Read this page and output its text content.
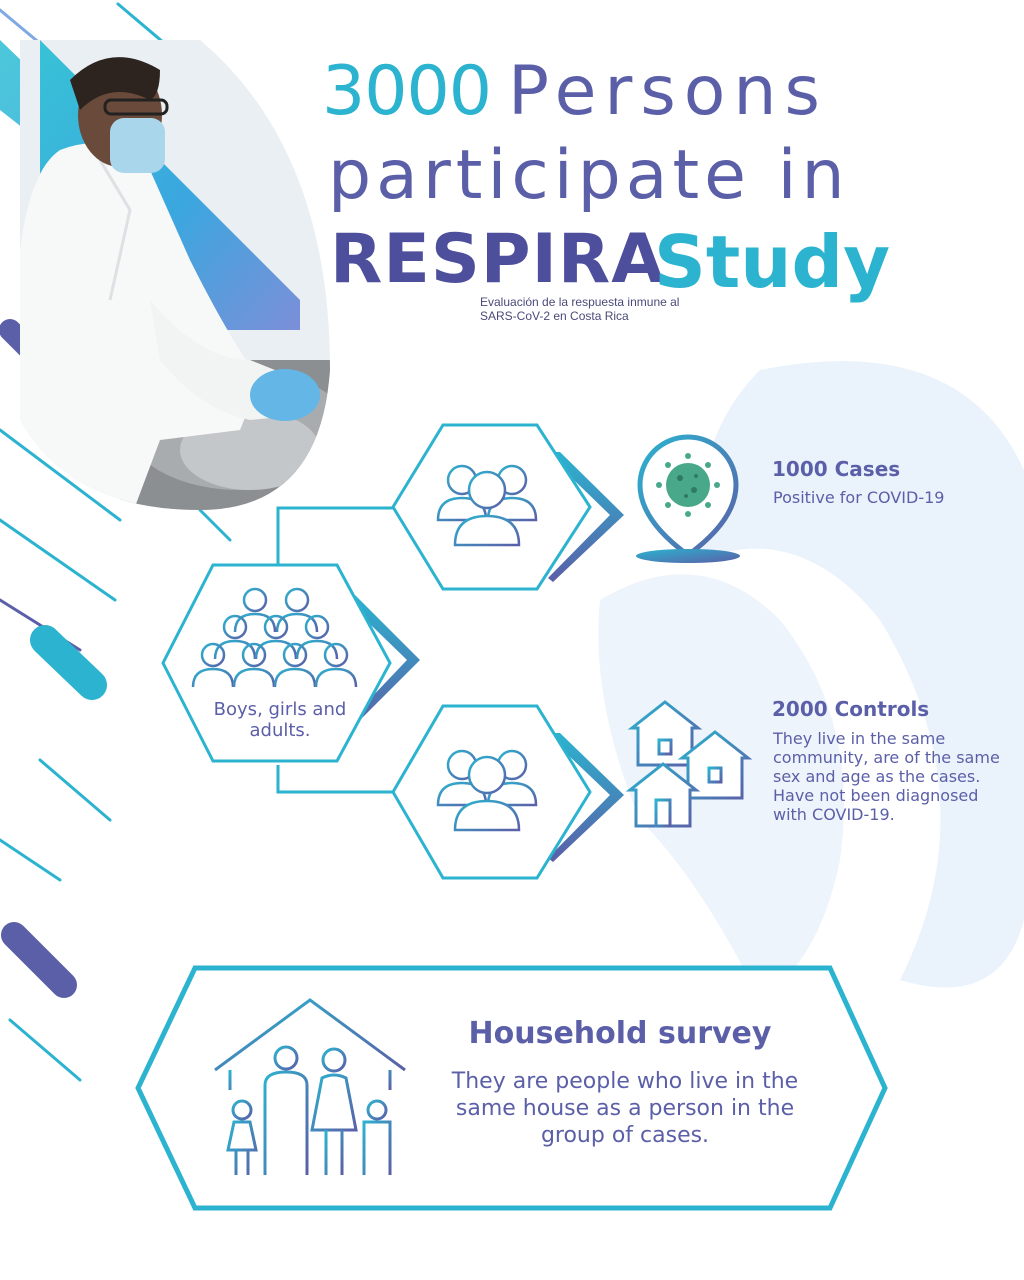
3000 Persons
participate in
RESPIRA
Study
Evaluación de la respuesta inmune al SARS-CoV-2 en Costa Rica
Boys, girls and adults.
1000 Cases
Positive for COVID-19
2000 Controls
They live in the same community, are of the same sex and age as the cases. Have not been diagnosed with COVID-19.
Household survey
They are people who live in the same house as a person in the group of cases.
